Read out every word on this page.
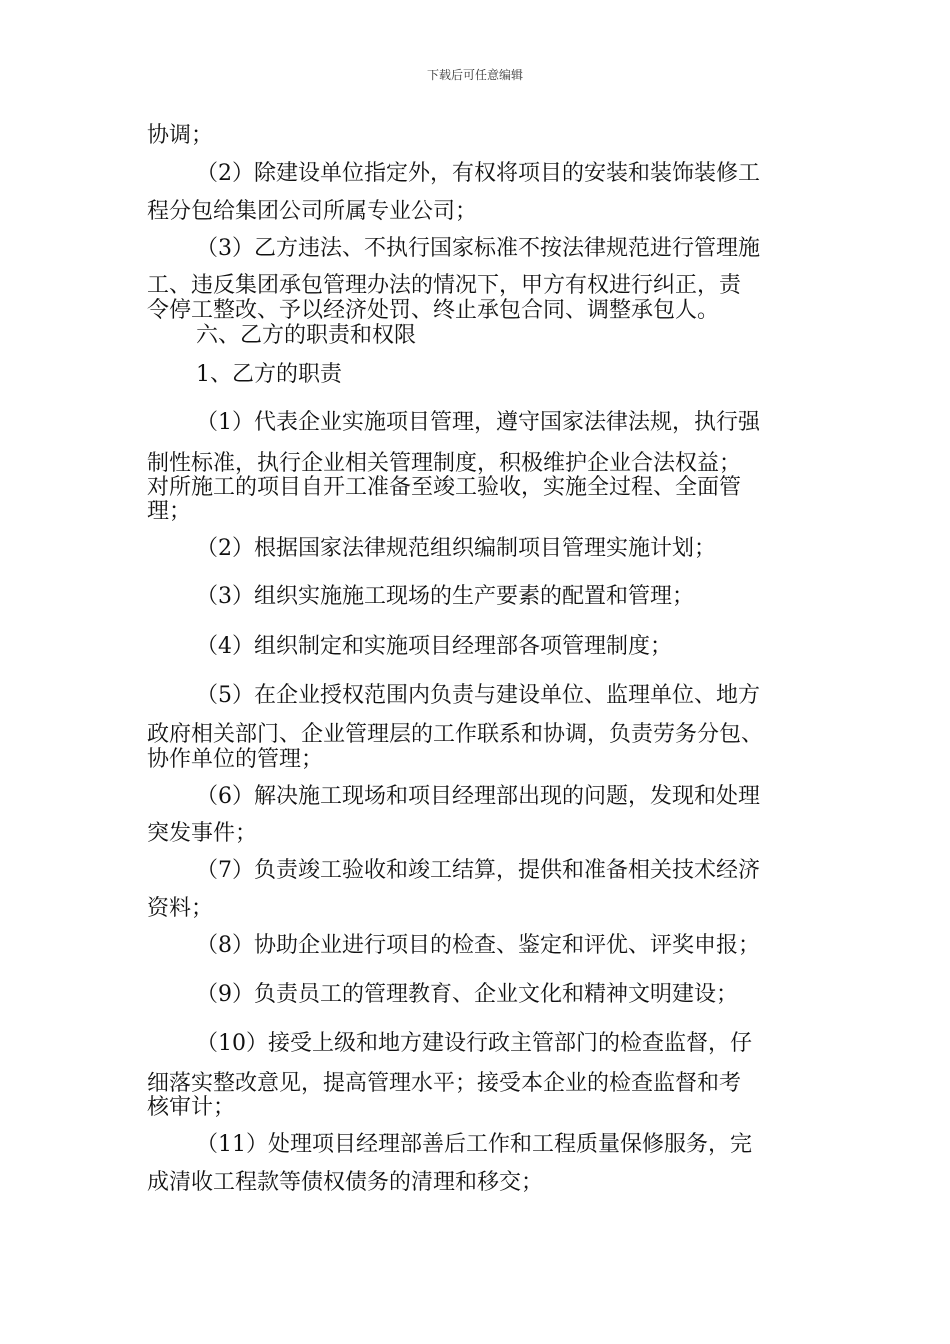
下载后可任意编辑
协调；
（2）除建设单位指定外，有权将项目的安装和装饰装修工
程分包给集团公司所属专业公司；
（3）乙方违法、不执行国家标准不按法律规范进行管理施
工、违反集团承包管理办法的情况下，甲方有权进行纠正，责
令停工整改、予以经济处罚、终止承包合同、调整承包人。
六、乙方的职责和权限
1、乙方的职责
（1）代表企业实施项目管理，遵守国家法律法规，执行强
制性标准，执行企业相关管理制度，积极维护企业合法权益；
对所施工的项目自开工准备至竣工验收，实施全过程、全面管
理；
（2）根据国家法律规范组织编制项目管理实施计划；
（3）组织实施施工现场的生产要素的配置和管理；
（4）组织制定和实施项目经理部各项管理制度；
（5）在企业授权范围内负责与建设单位、监理单位、地方
政府相关部门、企业管理层的工作联系和协调，负责劳务分包、
协作单位的管理；
（6）解决施工现场和项目经理部出现的问题，发现和处理
突发事件；
（7）负责竣工验收和竣工结算，提供和准备相关技术经济
资料；
（8）协助企业进行项目的检查、鉴定和评优、评奖申报；
（9）负责员工的管理教育、企业文化和精神文明建设；
（10）接受上级和地方建设行政主管部门的检查监督，仔
细落实整改意见，提高管理水平；接受本企业的检查监督和考
核审计；
（11）处理项目经理部善后工作和工程质量保修服务，完
成清收工程款等债权债务的清理和移交；
